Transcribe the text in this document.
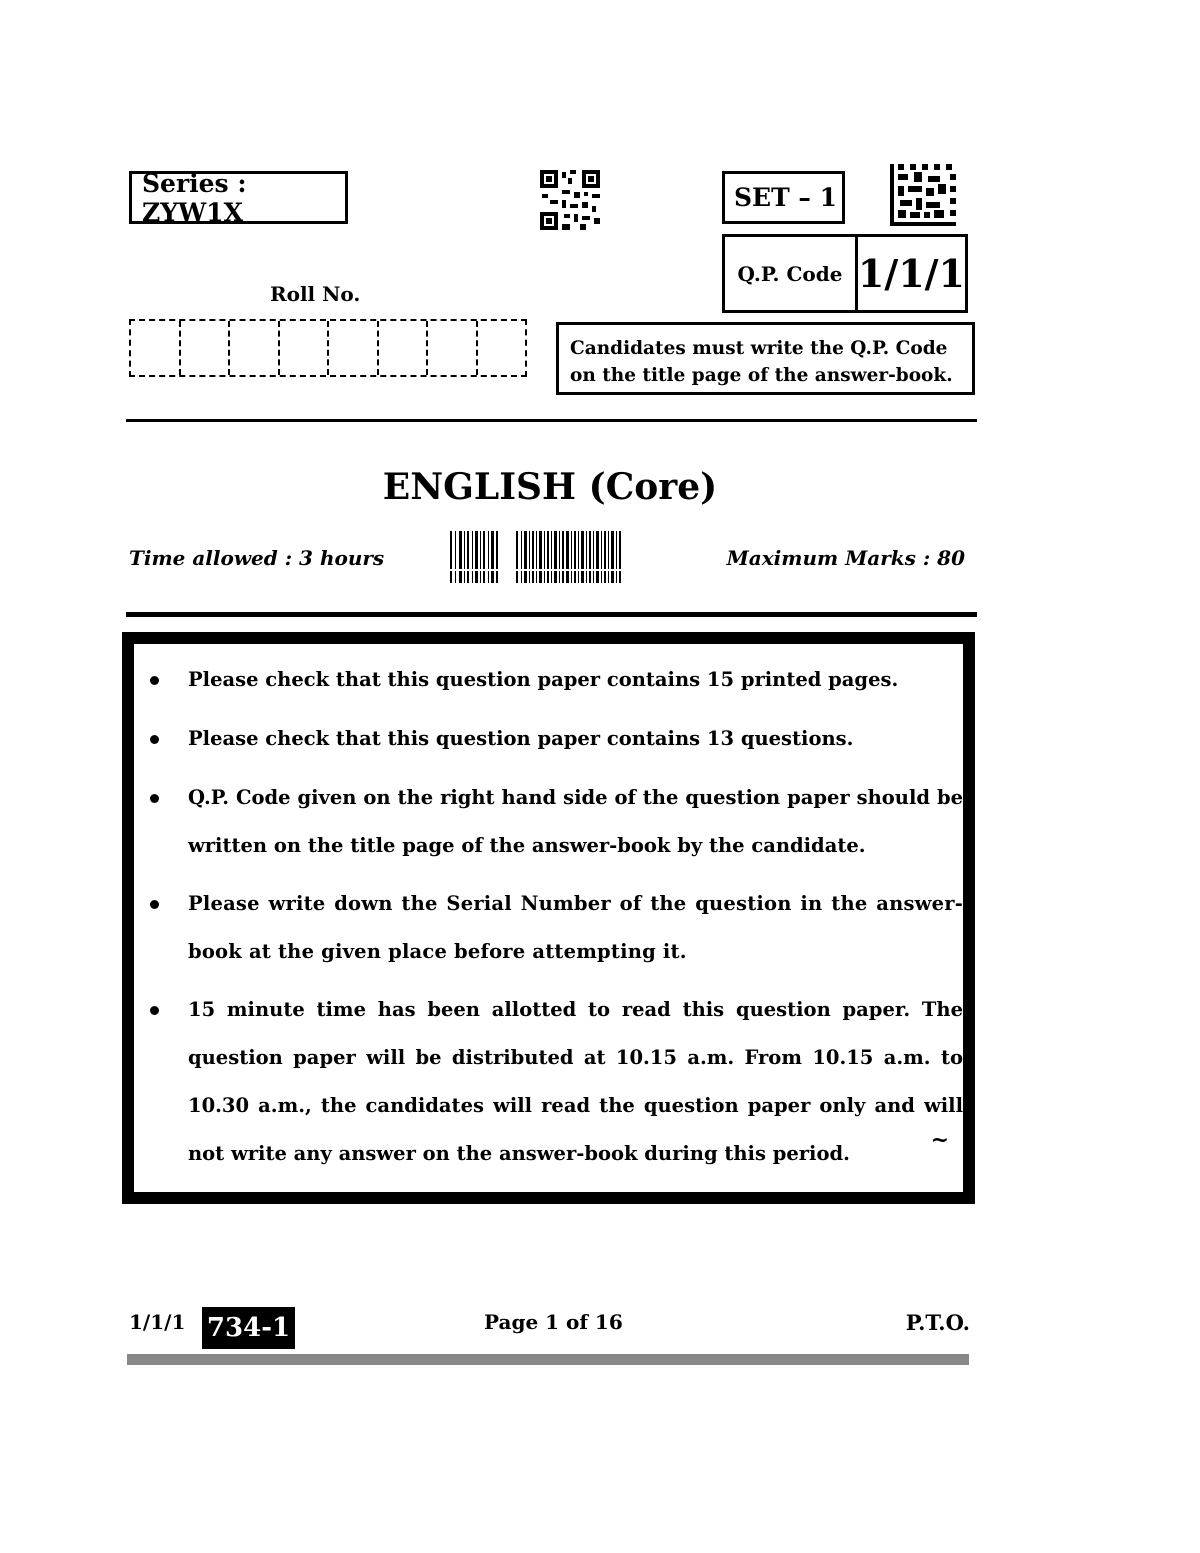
Series : ZYW1X	SET – 1
Q.P. Code 1/1/1
Roll No.
Candidates must write the Q.P. Code on the title page of the answer-book.
ENGLISH (Core)
Time allowed : 3 hours	Maximum Marks : 80
Please check that this question paper contains 15 printed pages.
Please check that this question paper contains 13 questions.
Q.P. Code given on the right hand side of the question paper should be written on the title page of the answer-book by the candidate.
Please write down the Serial Number of the question in the answer-book at the given place before attempting it.
15 minute time has been allotted to read this question paper. The question paper will be distributed at 10.15 a.m. From 10.15 a.m. to 10.30 a.m., the candidates will read the question paper only and will not write any answer on the answer-book during this period.
~
1/1/1 734-1	Page 1 of 16	P.T.O.
